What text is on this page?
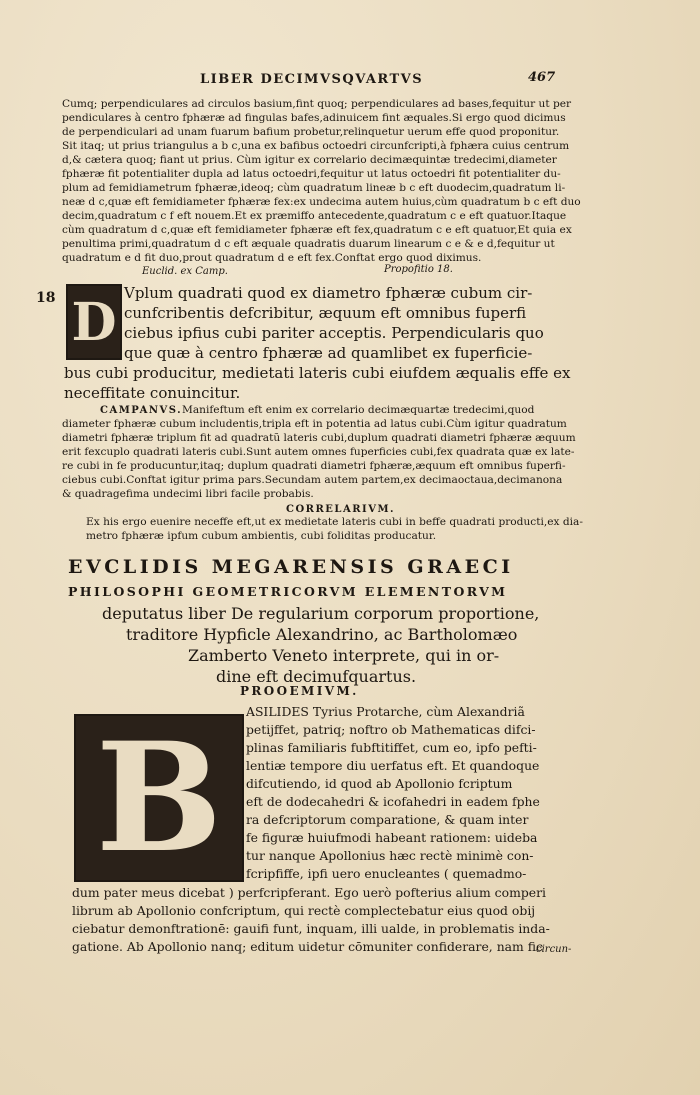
LIBER DECIMVSQVARTVS	467
Cumq; perpendiculares ad circulos basium,fint quoq; perpendiculares ad bases,fequitur ut per
pendiculares à centro fphæræ ad fingulas bafes,adinuicem fint æquales.Si ergo quod dicimus
de perpendiculari ad unam fuarum bafium probetur,relinquetur uerum effe quod proponitur.
Sit itaq; ut prius triangulus a b c,una ex bafibus octoedri circunfcripti,à fphæra cuius centrum
d,& cætera quoq; fiant ut prius. Cùm igitur ex correlario decimæquintæ tredecimi,diameter
fphæræ fit potentialiter dupla ad latus octoedri,fequitur ut latus octoedri fit potentialiter du-
plum ad femidiametrum fphæræ,ideoq; cùm quadratum lineæ b c eft duodecim,quadratum li-
neæ d c,quæ eft femidiameter fphæræ fex:ex undecima autem huius,cùm quadratum b c eft duo
decim,quadratum c f eft nouem.Et ex præmiffo antecedente,quadratum c e eft quatuor.Itaque
cùm quadratum d c,quæ eft femidiameter fphæræ eft fex,quadratum c e eft quatuor,Et quia ex
penultima primi,quadratum d c eft æquale quadratis duarum linearum c e & e d,fequitur ut
quadratum e d fit duo,prout quadratum d e eft fex.Conftat ergo quod diximus.
Euclid. ex Camp.	Propofitio 18.
18 D Vplum quadrati quod ex diametro fphæræ cubum cir-
cunfcribentis defcribitur, æquum eft omnibus fuperfi
ciebus ipfius cubi pariter acceptis. Perpendicularis quo
que quæ à centro fphæræ ad quamlibet ex fuperficie-
bus cubi producitur, medietati lateris cubi eiufdem æqualis effe ex
neceffitate conuincitur.
CAMPANVS. Manifeftum eft enim ex correlario decimæquartæ tredecimi,quod
diameter fphæræ cubum includentis,tripla eft in potentia ad latus cubi.Cùm igitur quadratum
diametri fphæræ triplum fit ad quadratũ lateris cubi,duplum quadrati diametri fphæræ æquum
erit fexcuplo quadrati lateris cubi.Sunt autem omnes fuperficies cubi,fex quadrata quæ ex late-
re cubi in fe producuntur,itaq; duplum quadrati diametri fphæræ,æquum eft omnibus fuperfi-
ciebus cubi.Conftat igitur prima pars.Secundam autem partem,ex decimaoctaua,decimanona
& quadragefima undecimi libri facile probabis.
CORRELARIVM.
Ex his ergo euenire neceffe eft,ut ex medietate lateris cubi in beffe quadrati producti,ex dia-
metro fphæræ ipfum cubum ambientis, cubi foliditas producatur.
EVCLIDIS MEGARENSIS GRAECI
PHILOSOPHI GEOMETRICORVM ELEMENTORVM
deputatus liber De regularium corporum proportione,
traditore Hypficle Alexandrino, ac Bartholomæo
Zamberto Veneto interprete, qui in or-
dine eft decimufquartus.
PROOEMIVM.
B	ASILIDES Tyrius Protarche, cùm Alexandriã
petijffet, patriq; noftro ob Mathematicas difci-
plinas familiaris fubftitiffet, cum eo, ipfo pefti-
lentiæ tempore diu uerfatus eft. Et quandoque
difcutiendo, id quod ab Apollonio fcriptum
eft de dodecahedri & icofahedri in eadem fphe
ra defcriptorum comparatione, & quam inter
fe figuræ huiufmodi habeant rationem: uideba
tur nanque Apollonius hæc rectè minimè con-
fcripfiffe, ipfi uero enucleantes ( quemadmo-
dum pater meus dicebat ) perfcripferant. Ego uerò pofterius alium comperi
librum ab Apollonio confcriptum, qui rectè complectebatur eius quod obij
ciebatur demonftrationē: gauifi funt, inquam, illi ualde, in problematis inda-
gatione. Ab Apollonio nanq; editum uidetur cōmuniter confiderare, nam fic
circun-
